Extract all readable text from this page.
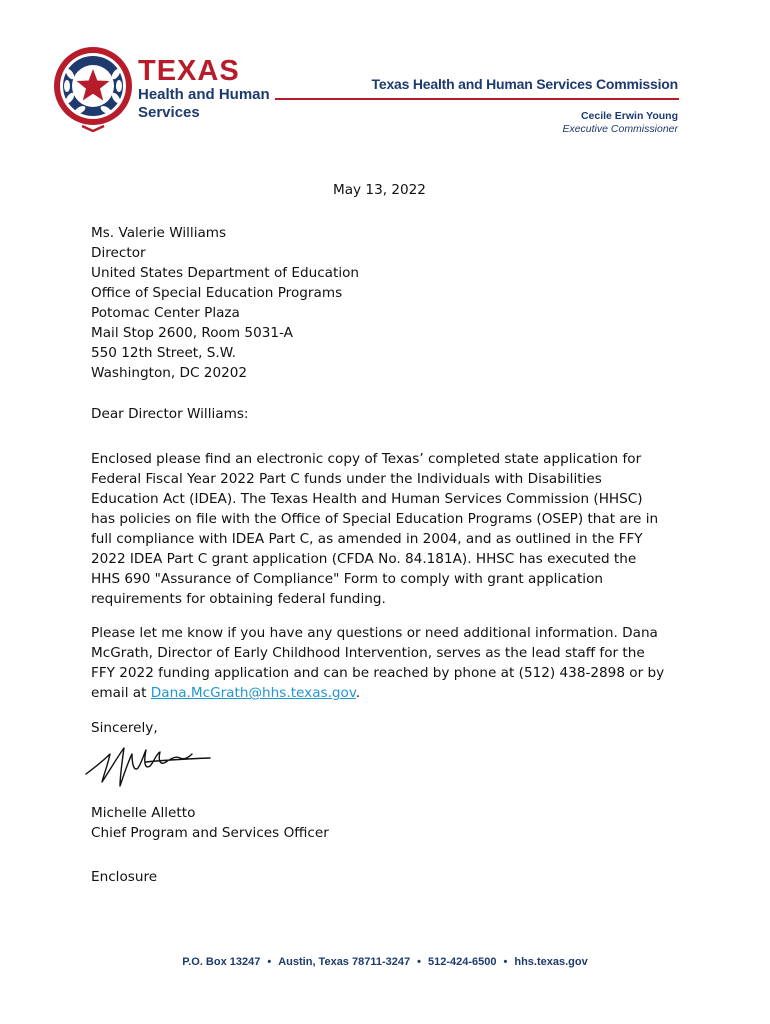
TEXAS
Health and Human
Services
Texas Health and Human Services Commission
Cecile Erwin Young
Executive Commissioner
May 13, 2022
Ms. Valerie Williams
Director
United States Department of Education
Office of Special Education Programs
Potomac Center Plaza
Mail Stop 2600, Room 5031-A
550 12th Street, S.W.
Washington, DC 20202
Dear Director Williams:
Enclosed please find an electronic copy of Texas’ completed state application for
Federal Fiscal Year 2022 Part C funds under the Individuals with Disabilities
Education Act (IDEA). The Texas Health and Human Services Commission (HHSC)
has policies on file with the Office of Special Education Programs (OSEP) that are in
full compliance with IDEA Part C, as amended in 2004, and as outlined in the FFY
2022 IDEA Part C grant application (CFDA No. 84.181A). HHSC has executed the
HHS 690 "Assurance of Compliance" Form to comply with grant application
requirements for obtaining federal funding.
Please let me know if you have any questions or need additional information. Dana
McGrath, Director of Early Childhood Intervention, serves as the lead staff for the
FFY 2022 funding application and can be reached by phone at (512) 438-2898 or by
email at Dana.McGrath@hhs.texas.gov.
Sincerely,
Michelle Alletto
Chief Program and Services Officer
Enclosure
P.O. Box 13247 • Austin, Texas 78711-3247 • 512-424-6500 • hhs.texas.gov
